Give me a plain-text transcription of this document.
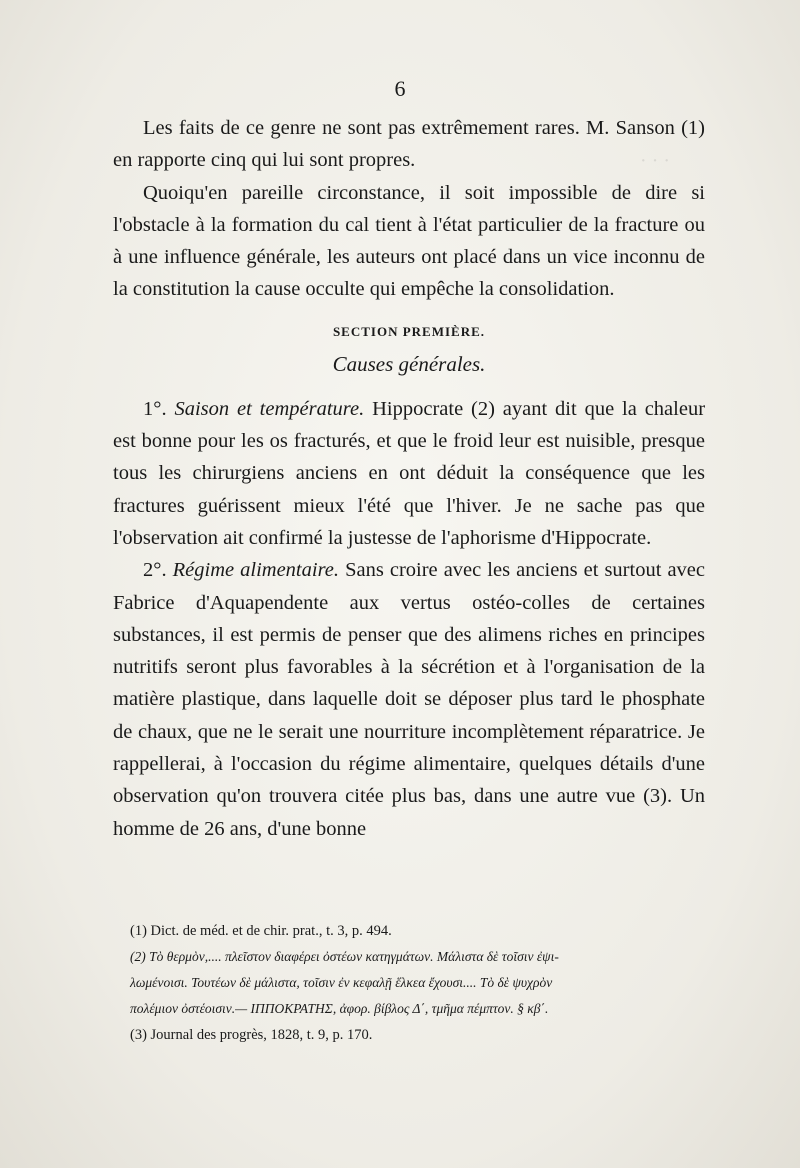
· · ·
6

Les faits de ce genre ne sont pas extrêmement rares. M. Sanson (1) en rapporte cinq qui lui sont propres.

Quoiqu'en pareille circonstance, il soit impossible de dire si l'obstacle à la formation du cal tient à l'état particulier de la fracture ou à une influence générale, les auteurs ont placé dans un vice inconnu de la constitution la cause occulte qui empêche la consolidation.

SECTION PREMIÈRE.
Causes générales.

1°. Saison et température. Hippocrate (2) ayant dit que la chaleur est bonne pour les os fracturés, et que le froid leur est nuisible, presque tous les chirurgiens anciens en ont déduit la conséquence que les fractures guérissent mieux l'été que l'hiver. Je ne sache pas que l'observation ait confirmé la justesse de l'aphorisme d'Hippocrate.

2°. Régime alimentaire. Sans croire avec les anciens et surtout avec Fabrice d'Aquapendente aux vertus ostéo-colles de certaines substances, il est permis de penser que des alimens riches en principes nutritifs seront plus favorables à la sécrétion et à l'organisation de la matière plastique, dans laquelle doit se déposer plus tard le phosphate de chaux, que ne le serait une nourriture incomplètement réparatrice. Je rappellerai, à l'occasion du régime alimentaire, quelques détails d'une observation qu'on trouvera citée plus bas, dans une autre vue (3). Un homme de 26 ans, d'une bonne

(1) Dict. de méd. et de chir. prat., t. 3, p. 494.

(2) Τὸ θερμὸν,.... πλεῖστον διαφέρει ὀστέων κατηγμάτων. Μάλιστα δὲ τοῖσιν ἐψι-

λωμένοισι. Τουτέων δὲ μάλιστα, τοῖσιν ἐν κεφαλῇ ἕλκεα ἔχουσι.... Τὸ δὲ ψυχρὸν

πολέμιον ὀστέοισιν.— ΙΠΠΟΚΡΑΤΗΣ, ἀφορ. βίβλος Δ΄, τμῆμα πέμπτον. § κβ΄.

(3) Journal des progrès, 1828, t. 9, p. 170.
